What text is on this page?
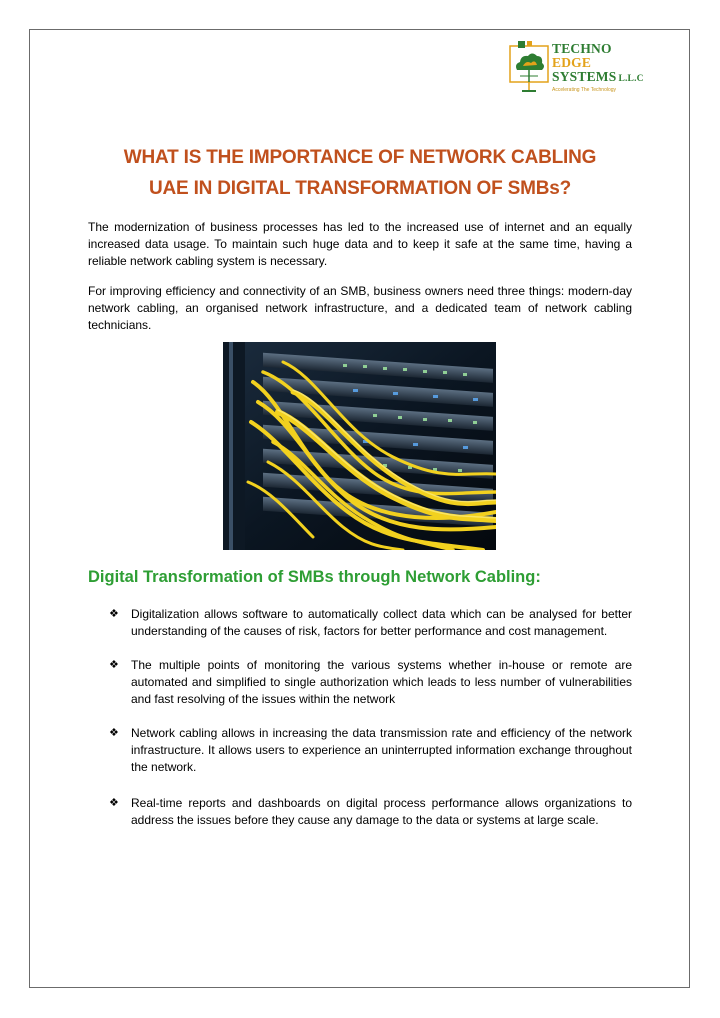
TECHNO
EDGE
SYSTEMS L.L.C
Accelerating The Technology
WHAT IS THE IMPORTANCE OF NETWORK CABLING
UAE IN DIGITAL TRANSFORMATION OF SMBs?

The modernization of business processes has led to the increased use of internet and an equally increased data usage. To maintain such huge data and to keep it safe at the same time, having a reliable network cabling system is necessary.

For improving efficiency and connectivity of an SMB, business owners need three things: modern-day network cabling, an organised network infrastructure, and a dedicated team of network cabling technicians.

Digital Transformation of SMBs through Network Cabling:
❖ Digitalization allows software to automatically collect data which can be analysed for better understanding of the causes of risk, factors for better performance and cost management.
❖ The multiple points of monitoring the various systems whether in-house or remote are automated and simplified to single authorization which leads to less number of vulnerabilities and fast resolving of the issues within the network
❖ Network cabling allows in increasing the data transmission rate and efficiency of the network infrastructure. It allows users to experience an uninterrupted information exchange throughout the network.
❖ Real-time reports and dashboards on digital process performance allows organizations to address the issues before they cause any damage to the data or systems at large scale.
